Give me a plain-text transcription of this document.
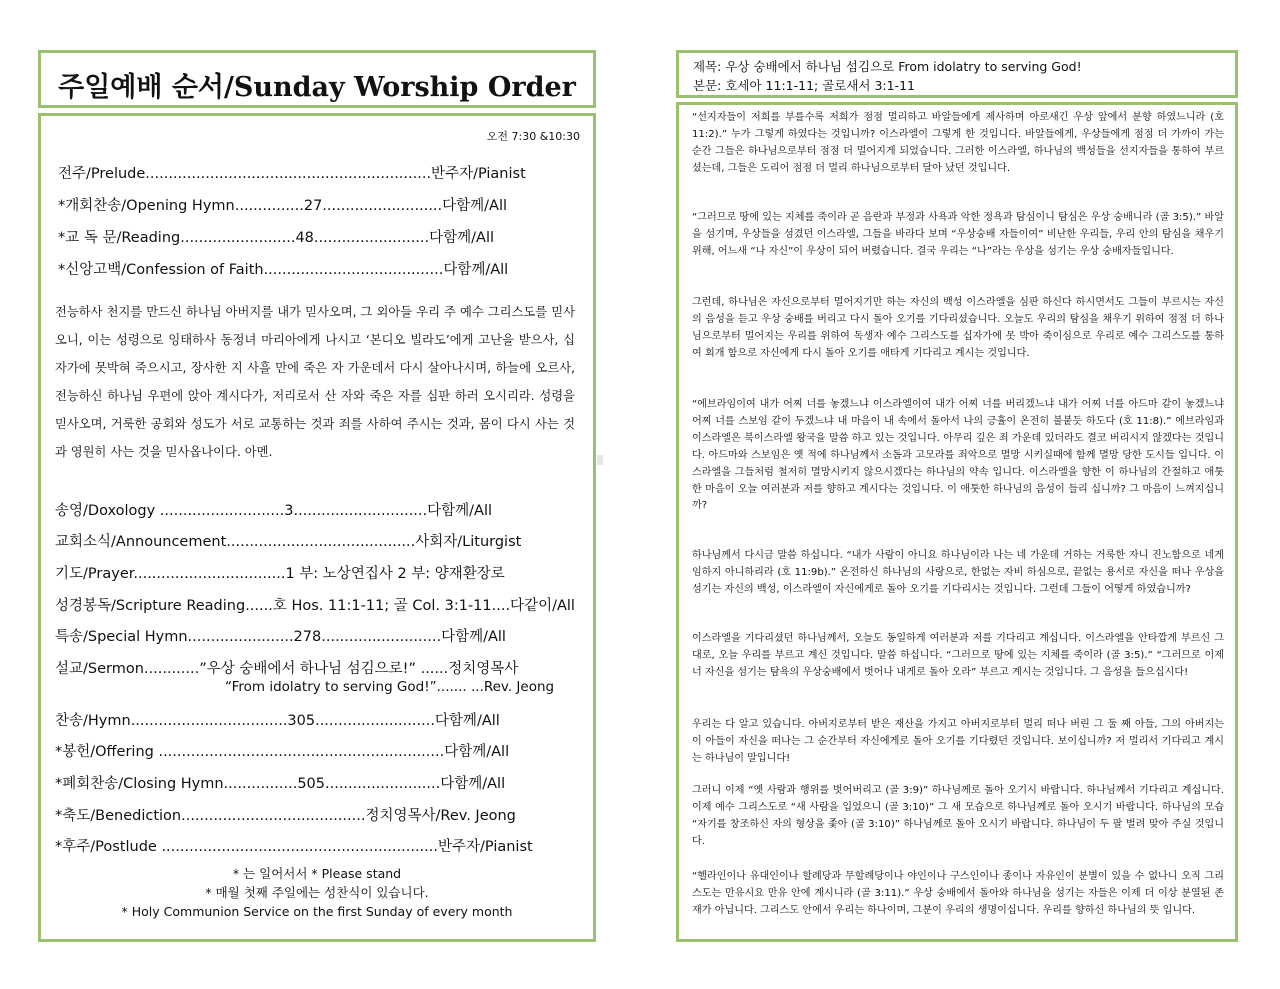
주일예배 순서/Sunday Worship Order
오전 7:30 &10:30
전주/Prelude..............................................................반주자/Pianist
*개회찬송/Opening Hymn...............27..........................다함께/All
*교 독 문/Reading.........................48.........................다함께/All
*신앙고백/Confession of Faith.......................................다함께/All
전능하사 천지를 만드신 하나님 아버지를 내가 믿사오며, 그 외아들 우리 주 예수 그리스도를 믿사오니, 이는 성령으로 잉태하사 동정녀 마리아에게 나시고 ‘본디오 빌라도’에게 고난을 받으사, 십자가에 못박혀 죽으시고, 장사한 지 사흘 만에 죽은 자 가운데서 다시 살아나시며, 하늘에 오르사, 전능하신 하나님 우편에 앉아 계시다가, 저리로서 산 자와 죽은 자를 심판 하러 오시리라. 성령을 믿사오며, 거룩한 공회와 성도가 서로 교통하는 것과 죄를 사하여 주시는 것과, 몸이 다시 사는 것과 영원히 사는 것을 믿사옵나이다. 아멘.
송영/Doxology ...........................3.............................다함께/All
교회소식/Announcement.........................................사회자/Liturgist
기도/Prayer.................................1 부: 노상연집사 2 부: 양재환장로
성경봉독/Scripture Reading......호 Hos. 11:1-11; 골 Col. 3:1-11....다같이/All
특송/Special Hymn.......................278..........................다함께/All
설교/Sermon............”우상 숭배에서 하나님 섬김으로!” ......정치영목사
“From idolatry to serving God!”....... ...Rev. Jeong
찬송/Hymn..................................305..........................다함께/All
*봉헌/Offering ..............................................................다함께/All
*폐회찬송/Closing Hymn................505.........................다함께/All
*축도/Benediction........................................정치영목사/Rev. Jeong
*후주/Postlude ............................................................반주자/Pianist
* 는 일어서서 * Please stand
* 매월 첫째 주일에는 성찬식이 있습니다.
* Holy Communion Service on the first Sunday of every month
제목: 우상 숭배에서 하나님 섬김으로 From idolatry to serving God!
본문: 호세아 11:1-11; 골로새서 3:1-11
“선지자들이 저희를 부를수록 저희가 점점 멀리하고 바알들에게 제사하며 아로새긴 우상 앞에서 분향 하였느니라 (호 11:2).” 누가 그렇게 하였다는 것입니까? 이스라엘이 그렇게 한 것입니다. 바알들에게, 우상들에게 점점 더 가까이 가는 순간 그들은 하나님으로부터 점점 더 멀어지게 되었습니다. 그러한 이스라엘, 하나님의 백성들을 선지자들을 통하여 부르셨는데, 그들은 도리어 점점 더 멀리 하나님으로부터 달아 났던 것입니다.
“그러므로 땅에 있는 지체를 죽이라 곧 음란과 부정과 사욕과 악한 정욕과 탐심이니 탐심은 우상 숭배니라 (골 3:5).” 바알을 섬기며, 우상들을 섬겼던 이스라엘, 그들을 바라다 보며 “우상숭배 자들이여” 비난한 우리들, 우리 안의 탐심을 채우기 위해, 어느새 “나 자신”이 우상이 되어 버렸습니다. 결국 우리는 “나”라는 우상을 섬기는 우상 숭배자들입니다.
그런데, 하나님은 자신으로부터 멀어지기만 하는 자신의 백성 이스라엘을 심판 하신다 하시면서도 그들이 부르시는 자신의 음성을 듣고 우상 숭배를 버리고 다시 돌아 오기를 기다리셨습니다. 오늘도 우리의 탐심을 채우기 위하여 점점 더 하나님으로부터 멀어지는 우리를 위하여 독생자 예수 그리스도를 십자가에 못 박아 죽이심으로 우리로 예수 그리스도를 통하여 회개 함으로 자신에게 다시 돌아 오기를 애타게 기다리고 계시는 것입니다.
“에브라임이여 내가 어찌 너를 놓겠느냐 이스라엘이여 내가 어찌 너를 버리겠느냐 내가 어찌 너를 아드마 같이 놓겠느냐 어찌 너를 스보임 같이 두겠느냐 내 마음이 내 속에서 돌아서 나의 긍휼이 온전히 불붙듯 하도다 (호 11:8).” 에브라임과 이스라엘은 북이스라엘 왕국을 말씀 하고 있는 것입니다. 아무리 깊은 죄 가운데 있더라도 결코 버리시지 않겠다는 것입니다. 아드마와 스보임은 옛 적에 하나님께서 소돔과 고모라를 죄악으로 멸망 시키실때에 함께 멸망 당한 도시들 입니다. 이스라엘을 그들처럼 철저히 멸망시키지 않으시겠다는 하나님의 약속 입니다. 이스라엘을 향한 이 하나님의 간절하고 애툿한 마음이 오늘 여러분과 저를 향하고 계시다는 것입니다. 이 애툿한 하나님의 음성이 들리 십니까? 그 마음이 느껴지십니까?
하나님께서 다시금 말씀 하십니다. “내가 사람이 아니요 하나님이라 나는 네 가운데 거하는 거룩한 자니 진노함으로 네게 임하지 아니하리라 (호 11:9b).” 온전하신 하나님의 사랑으로, 한없는 자비 하심으로, 끝없는 용서로 자신을 떠나 우상을 섬기는 자신의 백성, 이스라엘이 자신에게로 돌아 오기를 기다리시는 것입니다. 그런데 그들이 어떻게 하였습니까?
이스라엘을 기다리셨던 하나님께서, 오늘도 동일하게 여러분과 저를 기다리고 계십니다. 이스라엘을 안타깝게 부르신 그대로, 오늘 우리를 부르고 계신 것입니다. 말씀 하십니다. “그러므로 땅에 있는 지체를 죽이라 (골 3:5).” “그러므로 이제 너 자신을 섬기는 탐욕의 우상숭배에서 벗어나 내게로 돌아 오라” 부르고 계시는 것입니다. 그 음성을 들으십시다!
우리는 다 알고 있습니다. 아버지로부터 받은 재산을 가지고 아버지로부터 멀리 떠나 버린 그 둘 째 아들, 그의 아버지는 이 아들이 자신을 떠나는 그 순간부터 자신에게로 돌아 오기를 기다렸던 것입니다. 보이십니까? 저 멀리서 기다리고 계시는 하나님이 말입니다!
그러니 이제 “옛 사람과 행위를 벗어버리고 (골 3:9)” 하나님께로 돌아 오기시 바랍니다. 하나님께서 기다리고 계십니다. 이제 예수 그리스도로 “새 사람을 입었으니 (골 3:10)” 그 새 모습으로 하나님께로 돌아 오시기 바랍니다. 하나님의 모습 “자기를 창조하신 자의 형상을 좇아 (골 3:10)” 하나님께로 돌아 오시기 바랍니다. 하나님이 두 팔 벌려 맞아 주실 것입니다.
“헬라인이나 유대인이나 할례당과 무할례당이나 야인이나 구스인이나 종이나 자유인이 분별이 있을 수 없나니 오직 그리스도는 만유시요 만유 안에 계시니라 (골 3:11).” 우상 숭배에서 돌아와 하나님을 섬기는 자들은 이제 더 이상 분열된 존재가 아닙니다. 그리스도 안에서 우리는 하나이며, 그분이 우리의 생명이십니다. 우리를 향하신 하나님의 뜻 입니다.
